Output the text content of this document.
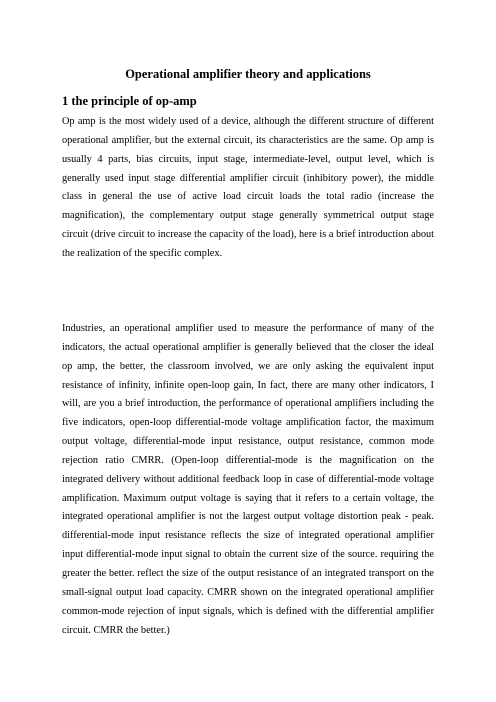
Operational amplifier theory and applications
1 the principle of op-amp

Op amp is the most widely used of a device, although the different structure of different operational amplifier, but the external circuit, its characteristics are the same. Op amp is usually 4 parts, bias circuits, input stage, intermediate-level, output level, which is generally used input stage differential amplifier circuit (inhibitory power), the middle class in general the use of active load circuit loads the total radio (increase the magnification), the complementary output stage generally symmetrical output stage circuit (drive circuit to increase the capacity of the load), here is a brief introduction about the realization of the specific complex.

Industries, an operational amplifier used to measure the performance of many of the indicators, the actual operational amplifier is generally believed that the closer the ideal op amp, the better, the classroom involved, we are only asking the equivalent input resistance of infinity, infinite open-loop gain, In fact, there are many other indicators, I will, are you a brief introduction, the performance of operational amplifiers including the five indicators, open-loop differential-mode voltage amplification factor, the maximum output voltage, differential-mode input resistance, output resistance, common mode rejection ratio CMRR. (Open-loop differential-mode is the magnification on the integrated delivery without additional feedback loop in case of differential-mode voltage amplification. Maximum output voltage is saying that it refers to a certain voltage, the integrated operational amplifier is not the largest output voltage distortion peak - peak. differential-mode input resistance reflects the size of integrated operational amplifier input differential-mode input signal to obtain the current size of the source. requiring the greater the better. reflect the size of the output resistance of an integrated transport on the small-signal output load capacity. CMRR shown on the integrated operational amplifier common-mode rejection of input signals, which is defined with the differential amplifier circuit. CMRR the better.)
